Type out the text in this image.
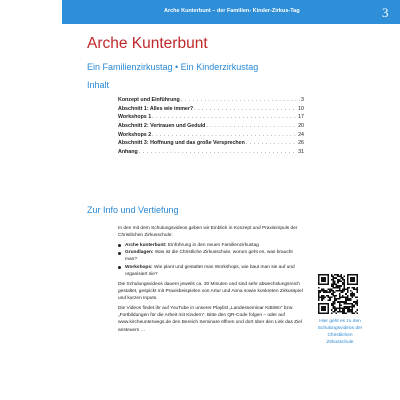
Arche Kunterbunt – der Familien- Kinder-Zirkus-Tag	3
Arche Kunterbunt
Ein Familienzirkustag • Ein Kinderzirkustag
Inhalt
Konzept und Einführung . . .	3
Abschnitt 1: Alles wie immer? . . .	10
Workshops 1 . . .	17
Abschnitt 2: Vertrauen und Geduld . . .	20
Workshops 2 . . .	24
Abschnitt 3: Hoffnung und das große Versprechen . . .	26
Anhang . . .	31
Zur Info und Vertiefung

In den mit dem Schulungsvideos geben wir Einblick in Konzept und Praxisimpuls der Christlichen Zirkusschule:

Arche kunterbunt: Einführung in den neuen Familienzirkustag
Grundlagen: Was ist die Christliche Zirkusschule, worum geht es, was braucht man?
Workshops: Wie plant und gestaltet man Workshops, wie baut man sie auf und organisiert sie?

Die Schulungsvideos dauern jeweils ca. 30 Minuten und sind sehr abwechslungsreich gestaltet, gespickt mit Praxisbeispielen von Artur und Anna sowie konkreten Zirkusspiel und kurzen Inputs.

Die Videos findet ihr auf YouTube in unserer Playlist „Landesseminar KiBiWo“ bzw. „Fortbildungen für die Arbeit mit Kindern“. Bitte den QR-Code folgen – oder auf www.kircheunterwegs.de den Bereich Seminare öffnen und dort über den Link das Ziel ansteuern …

Hier geht es zu den Schulungsvideos der Christlichen Zirkusschule
